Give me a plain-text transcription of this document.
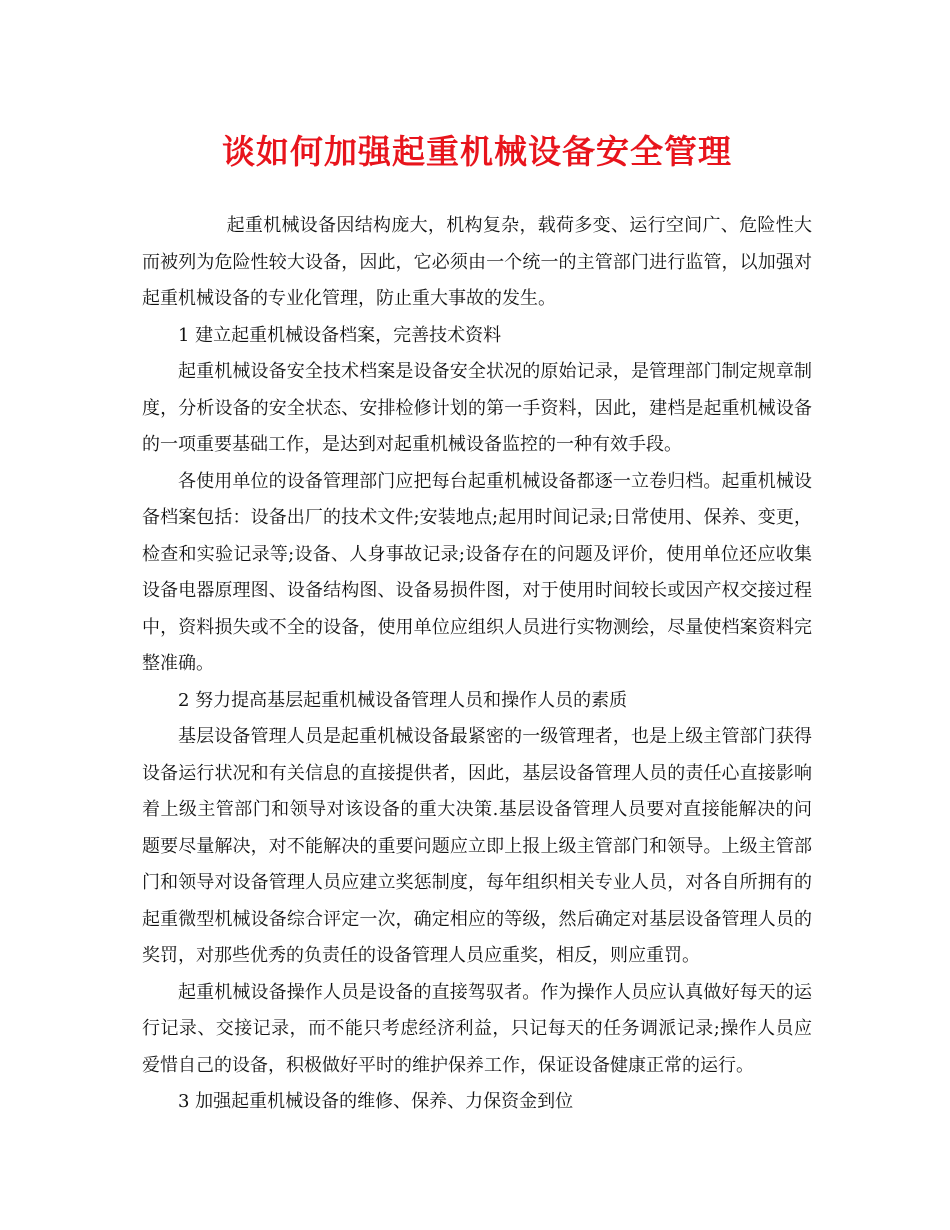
谈如何加强起重机械设备安全管理

起重机械设备因结构庞大，机构复杂，载荷多变、运行空间广、危险性大而被列为危险性较大设备，因此，它必须由一个统一的主管部门进行监管，以加强对起重机械设备的专业化管理，防止重大事故的发生。

1 建立起重机械设备档案，完善技术资料

起重机械设备安全技术档案是设备安全状况的原始记录，是管理部门制定规章制度，分析设备的安全状态、安排检修计划的第一手资料，因此，建档是起重机械设备的一项重要基础工作，是达到对起重机械设备监控的一种有效手段。

各使用单位的设备管理部门应把每台起重机械设备都逐一立卷归档。起重机械设备档案包括：设备出厂的技术文件;安装地点;起用时间记录;日常使用、保养、变更，检查和实验记录等;设备、人身事故记录;设备存在的问题及评价，使用单位还应收集设备电器原理图、设备结构图、设备易损件图，对于使用时间较长或因产权交接过程中，资料损失或不全的设备，使用单位应组织人员进行实物测绘，尽量使档案资料完整准确。

2 努力提高基层起重机械设备管理人员和操作人员的素质

基层设备管理人员是起重机械设备最紧密的一级管理者，也是上级主管部门获得设备运行状况和有关信息的直接提供者，因此，基层设备管理人员的责任心直接影响着上级主管部门和领导对该设备的重大决策.基层设备管理人员要对直接能解决的问题要尽量解决，对不能解决的重要问题应立即上报上级主管部门和领导。上级主管部门和领导对设备管理人员应建立奖惩制度，每年组织相关专业人员，对各自所拥有的起重微型机械设备综合评定一次，确定相应的等级，然后确定对基层设备管理人员的奖罚，对那些优秀的负责任的设备管理人员应重奖，相反，则应重罚。

起重机械设备操作人员是设备的直接驾驭者。作为操作人员应认真做好每天的运行记录、交接记录，而不能只考虑经济利益，只记每天的任务调派记录;操作人员应爱惜自己的设备，积极做好平时的维护保养工作，保证设备健康正常的运行。

3 加强起重机械设备的维修、保养、力保资金到位
